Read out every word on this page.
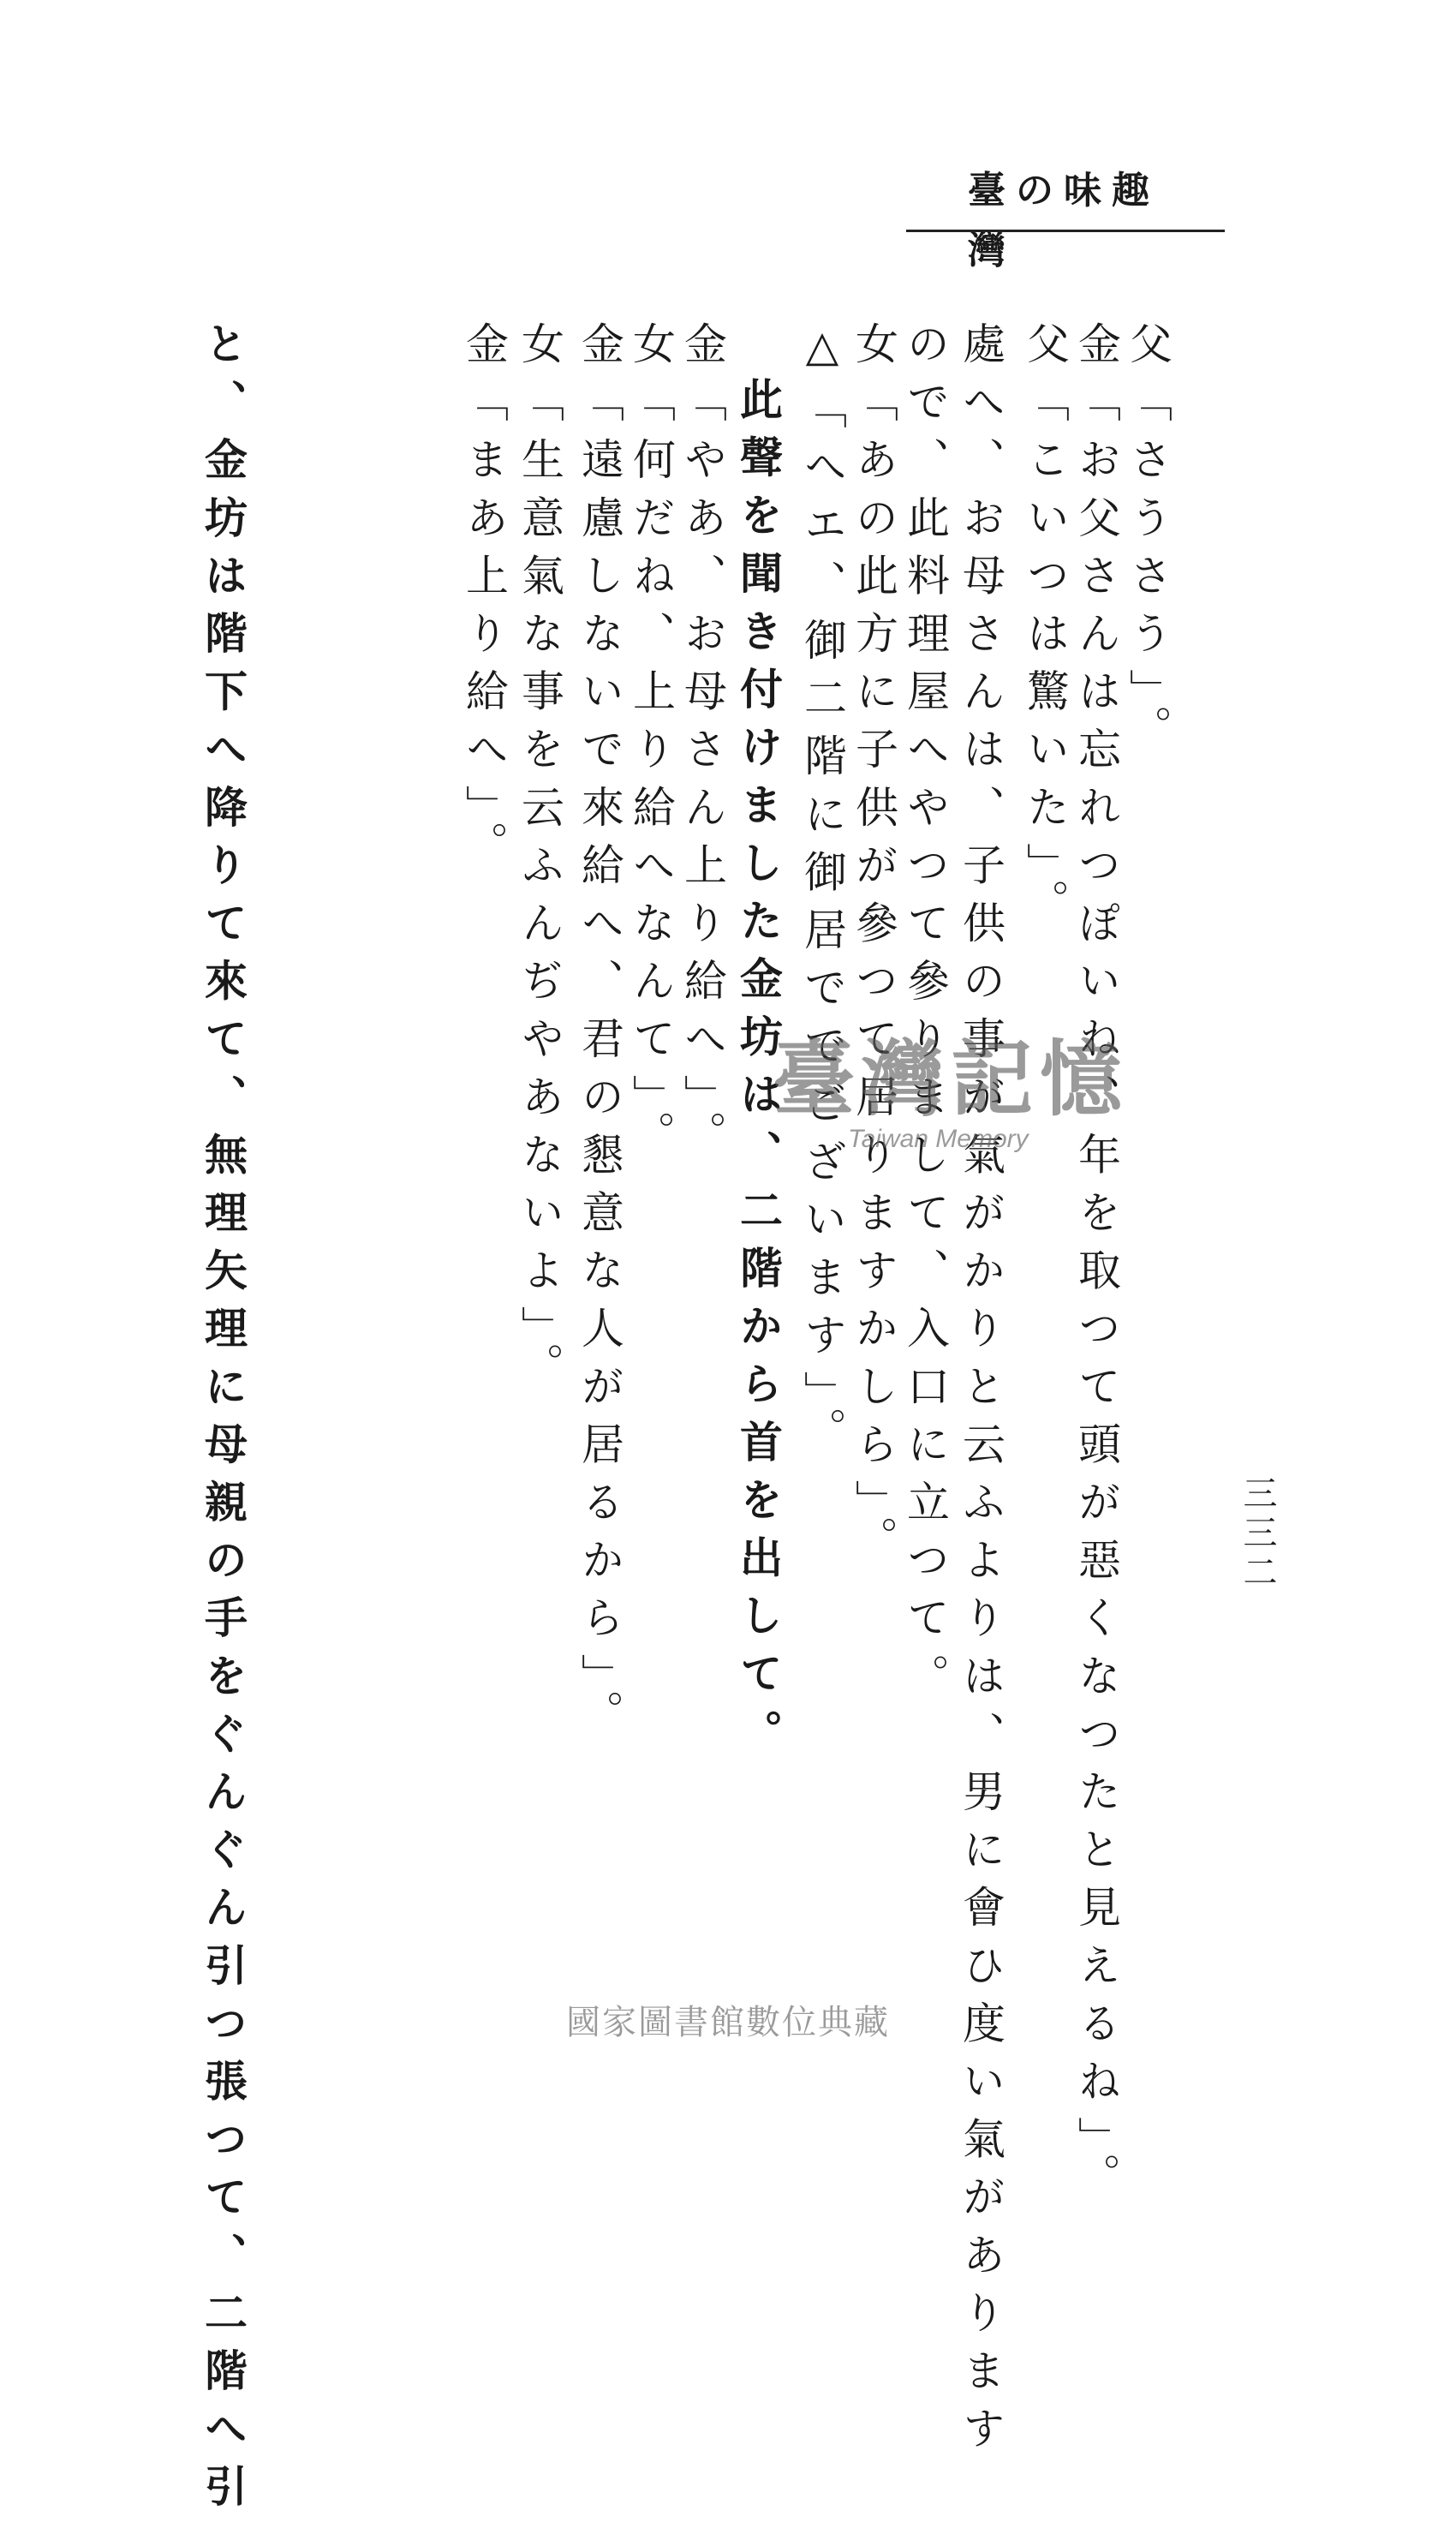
趣味の臺灣
父「さうさう」。
金「お父さんは忘れつぽいね、年を取つて頭が惡くなつたと見えるね」。
父「こいつは驚いた」。
處へ、お母さんは、子供の事が氣がかりと云ふよりは、男に會ひ度い氣があります
ので、此料理屋へやつて參りまして、入口に立つて。
女「あの此方に子供が參つて居りますかしら」。
△「へエ、御二階に御居ででございます」。
此聲を聞き付けました金坊は、二階から首を出して。
金「やあ、お母さん上り給へ」。
女「何だね、上り給へなんて」。
金「遠慮しないで來給へ、君の懇意な人が居るから」。
女「生意氣な事を云ふんぢやあないよ」。
金「まあ上り給へ」。
と、金坊は階下へ降りて來て、無理矢理に母親の手をぐんぐん引つ張つて、二階へ引	三三二
臺灣記憶
Taiwan Memory
國家圖書館數位典藏
